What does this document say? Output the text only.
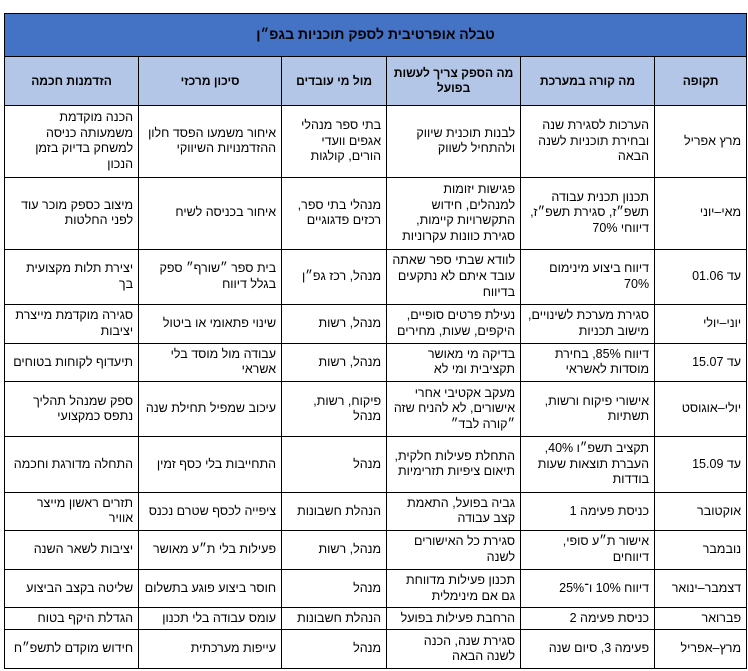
טבלה אופרטיבית לספק תוכניות בגפ״ן					
תקופה	מה קורה במערכת	מה הספק צריך לעשות בפועל	מול מי עובדים	סיכון מרכזי	הזדמנות חכמה
מרץ אפריל	הערכות לסגירת שנה ובחירת תוכניות לשנה הבאה	לבנות תוכנית שיווק ולהתחיל לשווק	בתי ספר מנהלי אגפים וועדי הורים, קולגות	איחור משמעו הפסד חלון ההזדמנויות השיווקי	הכנה מוקדמת משמעותה כניסה למשחק בדיוק בזמן הנכון
מאי–יוני	תכנון תכנית עבודה תשפ״ז, סגירת תשפ״ז, דיווחי 70%	פגישות יזומות למנהלים, חידוש התקשרויות קיימות, סגירת כוונות עקרוניות	מנהלי בתי ספר, רכזים פדגוגיים	איחור בכניסה לשיח	מיצוב כספק מוכר עוד לפני החלטות
עד 01.06	דיווח ביצוע מינימום 70%	לוודא שבתי ספר שאתה עובד איתם לא נתקעים בדיווח	מנהל, רכז גפ״ן	בית ספר ״שורף״ ספק בגלל דיווח	יצירת תלות מקצועית בך
יוני–יולי	סגירת מערכת לשינויים, מישוב תכניות	נעילת פרטים סופיים, היקפים, שעות, מחירים	מנהל, רשות	שינוי פתאומי או ביטול	סגירה מוקדמת מייצרת יציבות
עד 15.07	דיווח 85%, בחירת מוסדות לאשראי	בדיקה מי מאושר תקציבית ומי לא	מנהל, רשות	עבודה מול מוסד בלי אשראי	תיעדוף לקוחות בטוחים
יולי–אוגוסט	אישורי פיקוח ורשות, תשתיות	מעקב אקטיבי אחרי אישורים, לא להניח שזה ״קורה לבד״	פיקוח, רשות, מנהל	עיכוב שמפיל תחילת שנה	ספק שמנהל תהליך נתפס כמקצועי
עד 15.09	תקציב תשפ״ו 40%, העברת תוצאות שעות בודדות	התחלת פעילות חלקית, תיאום ציפיות תזרימיות	מנהל	התחייבות בלי כסף זמין	התחלה מדורגת וחכמה
אוקטובר	כניסת פעימה 1	גביה בפועל, התאמת קצב עבודה	הנהלת חשבונות	ציפייה לכסף שטרם נכנס	תזרים ראשון מייצר אוויר
נובמבר	אישור ת״ע סופי, דיווחים	סגירת כל האישורים לשנה	מנהל, רשות	פעילות בלי ת״ע מאושר	יציבות לשאר השנה
דצמבר–ינואר	דיווח 10% ו־25%	תכנון פעילות מדווחת גם אם מינימלית	מנהל	חוסר ביצוע פוגע בתשלום	שליטה בקצב הביצוע
פברואר	כניסת פעימה 2	הרחבת פעילות בפועל	הנהלת חשבונות	עומס עבודה בלי תכנון	הגדלת היקף בטוח
מרץ–אפריל	פעימה 3, סיום שנה	סגירת שנה, הכנה לשנה הבאה	מנהל	עייפות מערכתית	חידוש מוקדם לתשפ״ח
